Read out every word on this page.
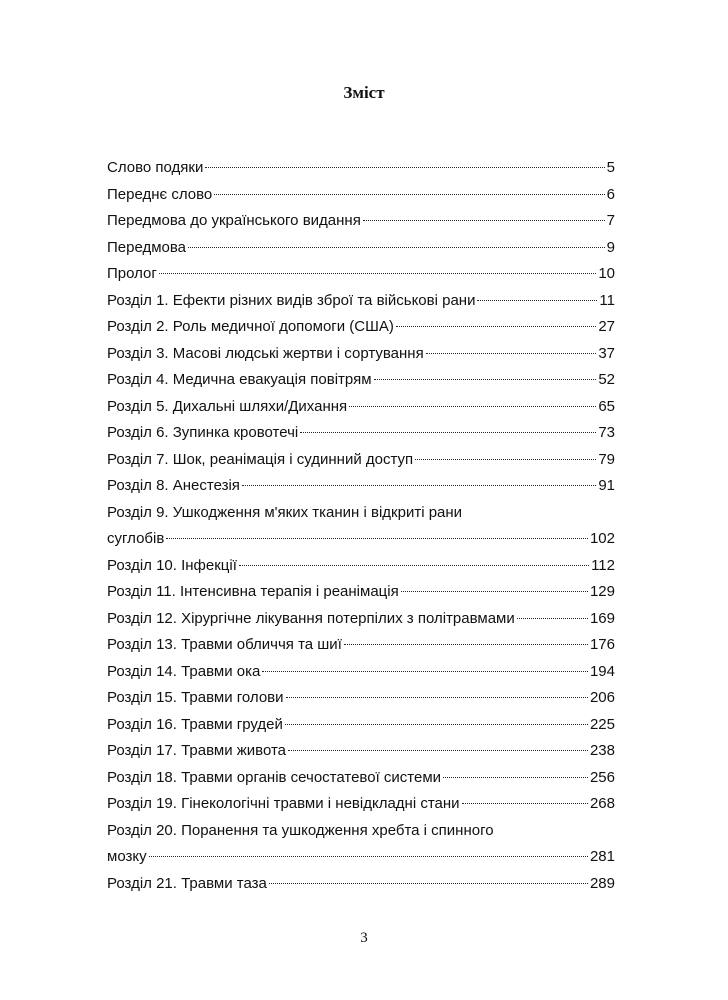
Зміст
Слово подяки	5
Переднє слово	6
Передмова до українського видання	7
Передмова	9
Пролог	10
Розділ 1. Ефекти різних видів зброї та військові рани	11
Розділ 2. Роль медичної допомоги (США)	27
Розділ 3. Масові людські жертви і сортування	37
Розділ 4. Медична евакуація повітрям	52
Розділ 5. Дихальні шляхи/Дихання	65
Розділ 6. Зупинка кровотечі	73
Розділ 7. Шок, реанімація і судинний доступ	79
Розділ 8. Анестезія	91
Розділ 9. Ушкодження м'яких тканин і відкриті рани
суглобів	102
Розділ 10. Інфекції	112
Розділ 11. Інтенсивна терапія і реанімація	129
Розділ 12. Хірургічне лікування потерпілих з політравмами	169
Розділ 13. Травми обличчя та шиї	176
Розділ 14. Травми ока	194
Розділ 15. Травми голови	206
Розділ 16. Травми грудей	225
Розділ 17. Травми живота	238
Розділ 18. Травми органів сечостатевої системи	256
Розділ 19. Гінекологічні травми і невідкладні стани	268
Розділ 20. Поранення та ушкодження хребта і спинного
мозку	281
Розділ 21. Травми таза	289
3
